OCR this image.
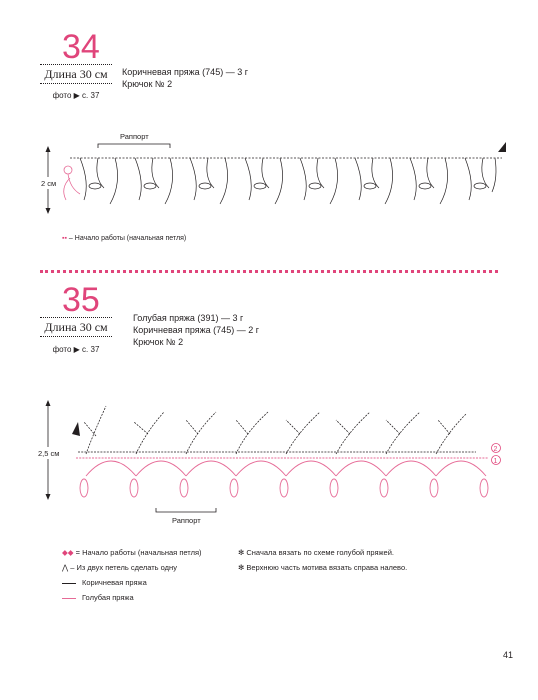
34
Длина 30 см
фото ▶ с. 37
Коричневая пряжа (745) — 3 г
Крючок № 2
Раппорт
2 см
▪▪ – Начало работы (начальная петля)
35
Длина 30 см
фото ▶ с. 37
Голубая пряжа (391) — 3 г
Коричневая пряжа (745) — 2 г
Крючок № 2
2,5 см	2
1
Раппорт
◆◆ = Начало работы (начальная петля)
⋀ – Из двух петель сделать одну
Коричневая пряжа
Голубая пряжа
✻ Сначала вязать по схеме голубой пряжей.
✻ Верхнюю часть мотива вязать справа налево.
41
